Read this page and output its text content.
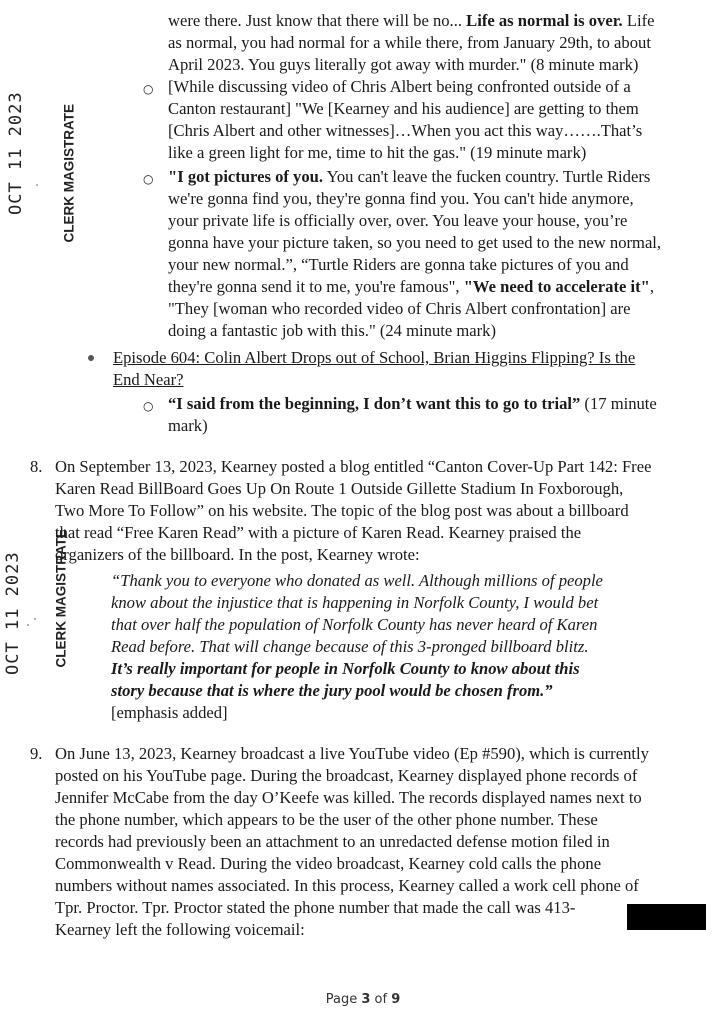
OCT 11 2023	CLERK MAGISTRATE
OCT 11 2023 CLERK MAGISTRATE
were there. Just know that there will be no... Life as normal is over. Life
as normal, you had normal for a while there, from January 29th, to about
April 2023. You guys literally got away with murder." (8 minute mark)
○ [While discussing video of Chris Albert being confronted outside of a
Canton restaurant] "We [Kearney and his audience] are getting to them
[Chris Albert and other witnesses]…When you act this way…….That’s
like a green light for me, time to hit the gas." (19 minute mark)
○ "I got pictures of you. You can't leave the fucken country. Turtle Riders
we're gonna find you, they're gonna find you. You can't hide anymore,
your private life is officially over, over. You leave your house, you’re
gonna have your picture taken, so you need to get used to the new normal,
your new normal.”, “Turtle Riders are gonna take pictures of you and
they're gonna send it to me, you're famous", "We need to accelerate it",
"They [woman who recorded video of Chris Albert confrontation] are
doing a fantastic job with this." (24 minute mark)
Episode 604: Colin Albert Drops out of School, Brian Higgins Flipping? Is the
End Near?
○ “I said from the beginning, I don’t want this to go to trial” (17 minute
mark)
8. On September 13, 2023, Kearney posted a blog entitled “Canton Cover-Up Part 142: Free
Karen Read BillBoard Goes Up On Route 1 Outside Gillette Stadium In Foxborough,
Two More To Follow” on his website. The topic of the blog post was about a billboard
that read “Free Karen Read” with a picture of Karen Read. Kearney praised the
organizers of the billboard. In the post, Kearney wrote:
“Thank you to everyone who donated as well. Although millions of people
know about the injustice that is happening in Norfolk County, I would bet
that over half the population of Norfolk County has never heard of Karen
Read before. That will change because of this 3-pronged billboard blitz.
It’s really important for people in Norfolk County to know about this
story because that is where the jury pool would be chosen from.”
[emphasis added]
9. On June 13, 2023, Kearney broadcast a live YouTube video (Ep #590), which is currently
posted on his YouTube page. During the broadcast, Kearney displayed phone records of
Jennifer McCabe from the day O’Keefe was killed. The records displayed names next to
the phone number, which appears to be the user of the other phone number. These
records had previously been an attachment to an unredacted defense motion filed in
Commonwealth v Read. During the video broadcast, Kearney cold calls the phone
numbers without names associated. In this process, Kearney called a work cell phone of
Tpr. Proctor. Tpr. Proctor stated the phone number that made the call was 413-
Kearney left the following voicemail:
Page 3 of 9
